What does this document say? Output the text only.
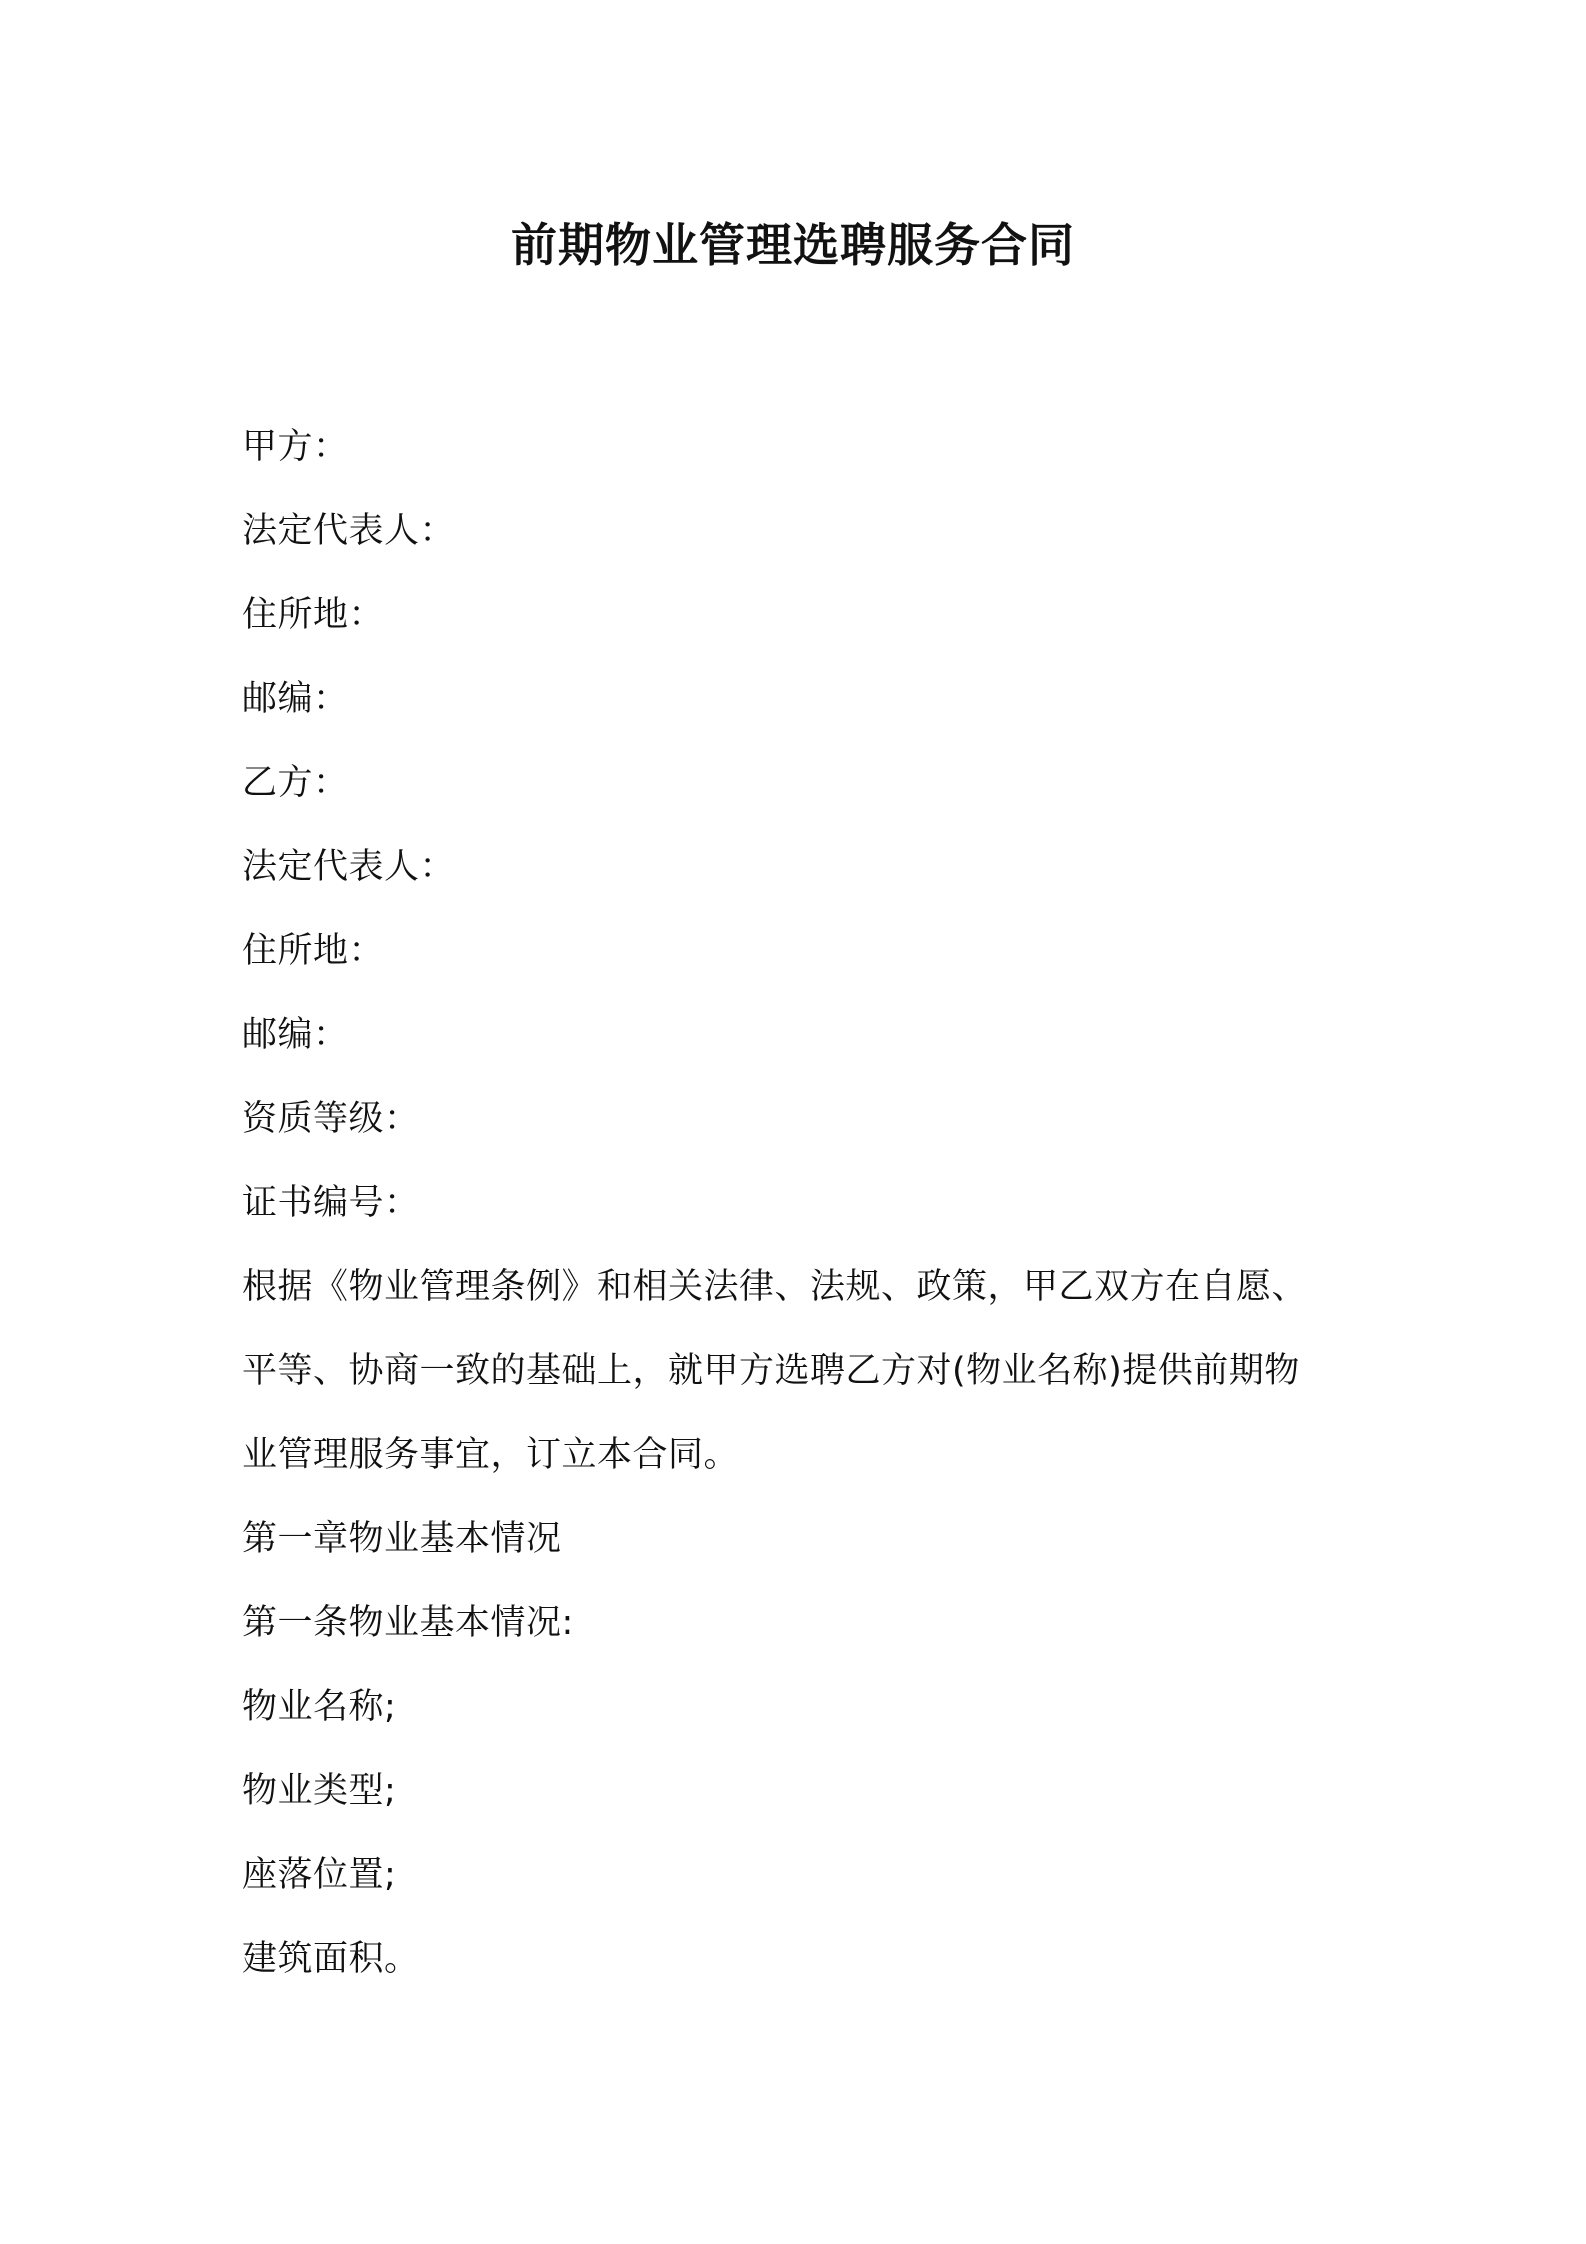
前期物业管理选聘服务合同
甲方：
法定代表人：
住所地：
邮编：
乙方：
法定代表人：
住所地：
邮编：
资质等级：
证书编号：
根据《物业管理条例》和相关法律、法规、政策，甲乙双方在自愿、
平等、协商一致的基础上，就甲方选聘乙方对(物业名称)提供前期物
业管理服务事宜，订立本合同。
第一章物业基本情况
第一条物业基本情况:
物业名称;
物业类型;
座落位置;
建筑面积。
